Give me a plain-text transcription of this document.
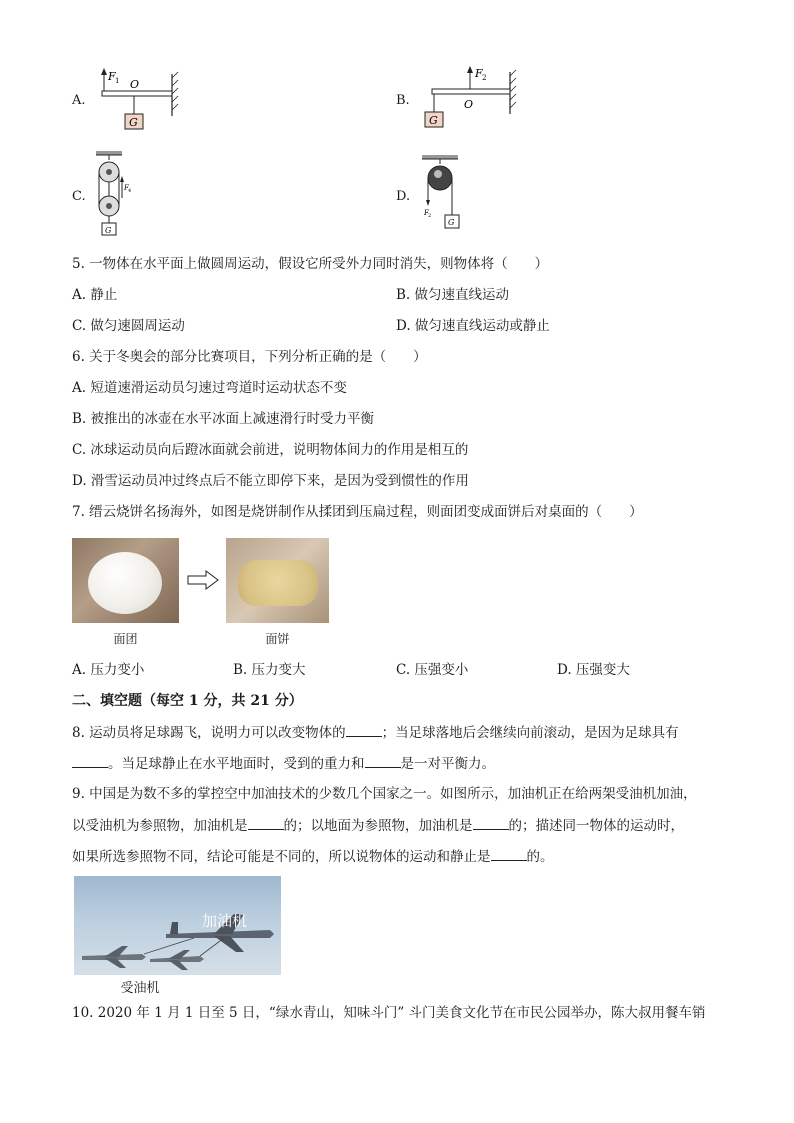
A.
F 1 O
G
B.
F 2
O
G
C.
F 4
G
D.
F 2
G
5. 一物体在水平面上做圆周运动，假设它所受外力同时消失，则物体将（　　）
A. 静止	B. 做匀速直线运动
C. 做匀速圆周运动	D. 做匀速直线运动或静止
6. 关于冬奥会的部分比赛项目，下列分析正确的是（　　）
A. 短道速滑运动员匀速过弯道时运动状态不变
B. 被推出的冰壶在水平冰面上减速滑行时受力平衡
C. 冰球运动员向后蹬冰面就会前进，说明物体间力的作用是相互的
D. 滑雪运动员冲过终点后不能立即停下来，是因为受到惯性的作用
7. 缙云烧饼名扬海外，如图是烧饼制作从揉团到压扁过程，则面团变成面饼后对桌面的（　　）
面团	面饼
A. 压力变小	B. 压力变大	C. 压强变小	D. 压强变大
二、填空题（每空 1 分，共 21 分）
8. 运动员将足球踢飞，说明力可以改变物体的	；当足球落地后会继续向前滚动，是因为足球具有
。当足球静止在水平地面时，受到的重力和	是一对平衡力。
9. 中国是为数不多的掌控空中加油技术的少数几个国家之一。如图所示，加油机正在给两架受油机加油，
以受油机为参照物，加油机是	的；以地面为参照物，加油机是	的；描述同一物体的运动时，
如果所选参照物不同，结论可能是不同的，所以说物体的运动和静止是	的。
加油机
受油机
10. 2020 年 1 月 1 日至 5 日，“绿水青山，知味斗门” 斗门美食文化节在市民公园举办，陈大叔用餐车销
